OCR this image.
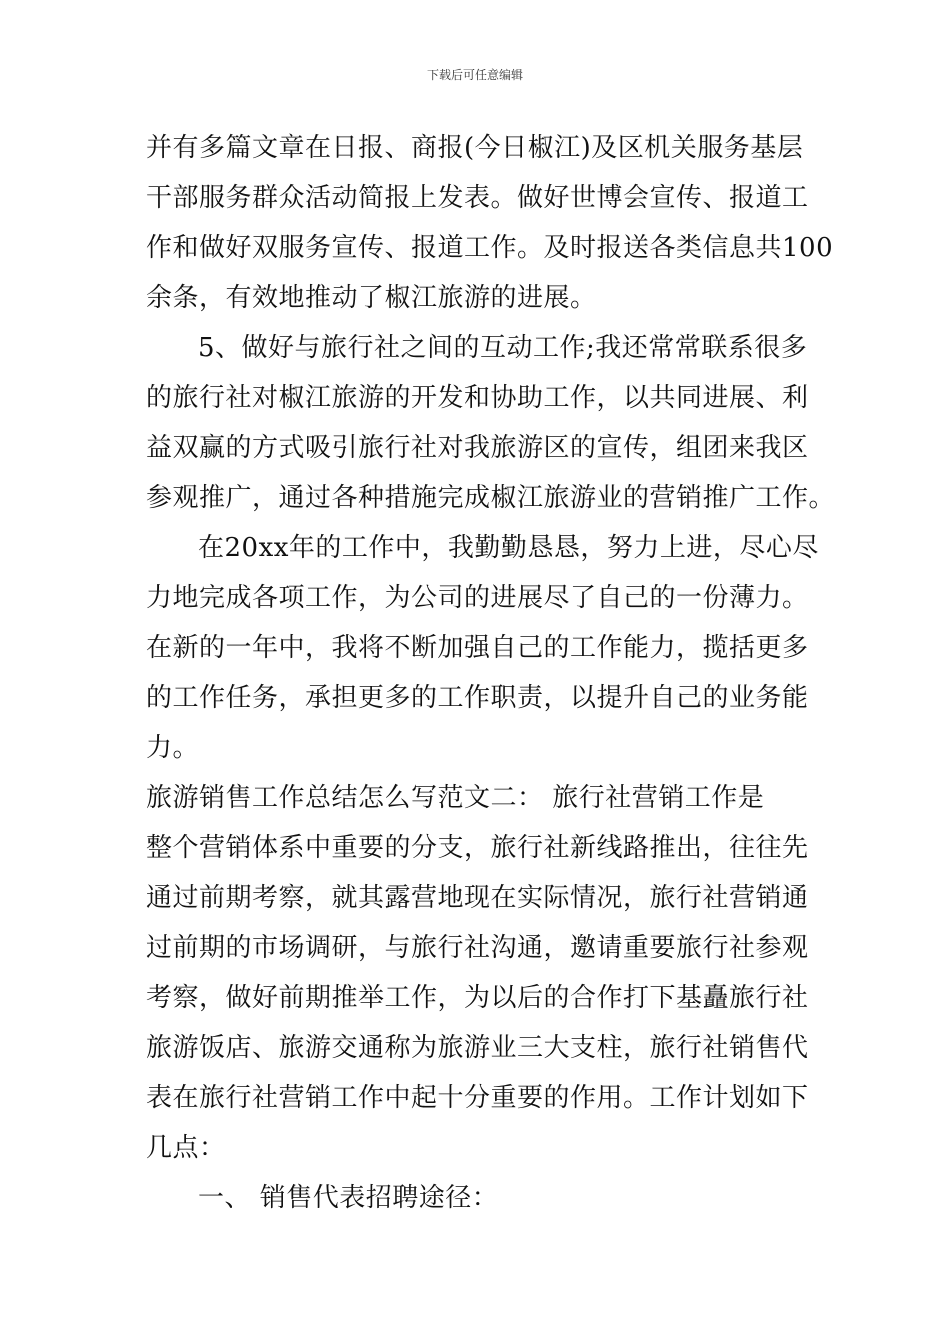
下载后可任意编辑
并有多篇文章在日报、商报(今日椒江)及区机关服务基层
干部服务群众活动简报上发表。做好世博会宣传、报道工
作和做好双服务宣传、报道工作。及时报送各类信息共100
余条，有效地推动了椒江旅游的进展。
5、做好与旅行社之间的互动工作;我还常常联系很多
的旅行社对椒江旅游的开发和协助工作，以共同进展、利
益双赢的方式吸引旅行社对我旅游区的宣传，组团来我区
参观推广，通过各种措施完成椒江旅游业的营销推广工作。
在20xx年的工作中，我勤勤恳恳，努力上进，尽心尽
力地完成各项工作，为公司的进展尽了自己的一份薄力。
在新的一年中，我将不断加强自己的工作能力，揽括更多
的工作任务，承担更多的工作职责，以提升自己的业务能
力。
旅游销售工作总结怎么写范文二： 旅行社营销工作是
整个营销体系中重要的分支，旅行社新线路推出，往往先
通过前期考察，就其露营地现在实际情况，旅行社营销通
过前期的市场调研，与旅行社沟通，邀请重要旅行社参观
考察，做好前期推举工作，为以后的合作打下基矗旅行社
旅游饭店、旅游交通称为旅游业三大支柱，旅行社销售代
表在旅行社营销工作中起十分重要的作用。工作计划如下
几点：
一、 销售代表招聘途径：
